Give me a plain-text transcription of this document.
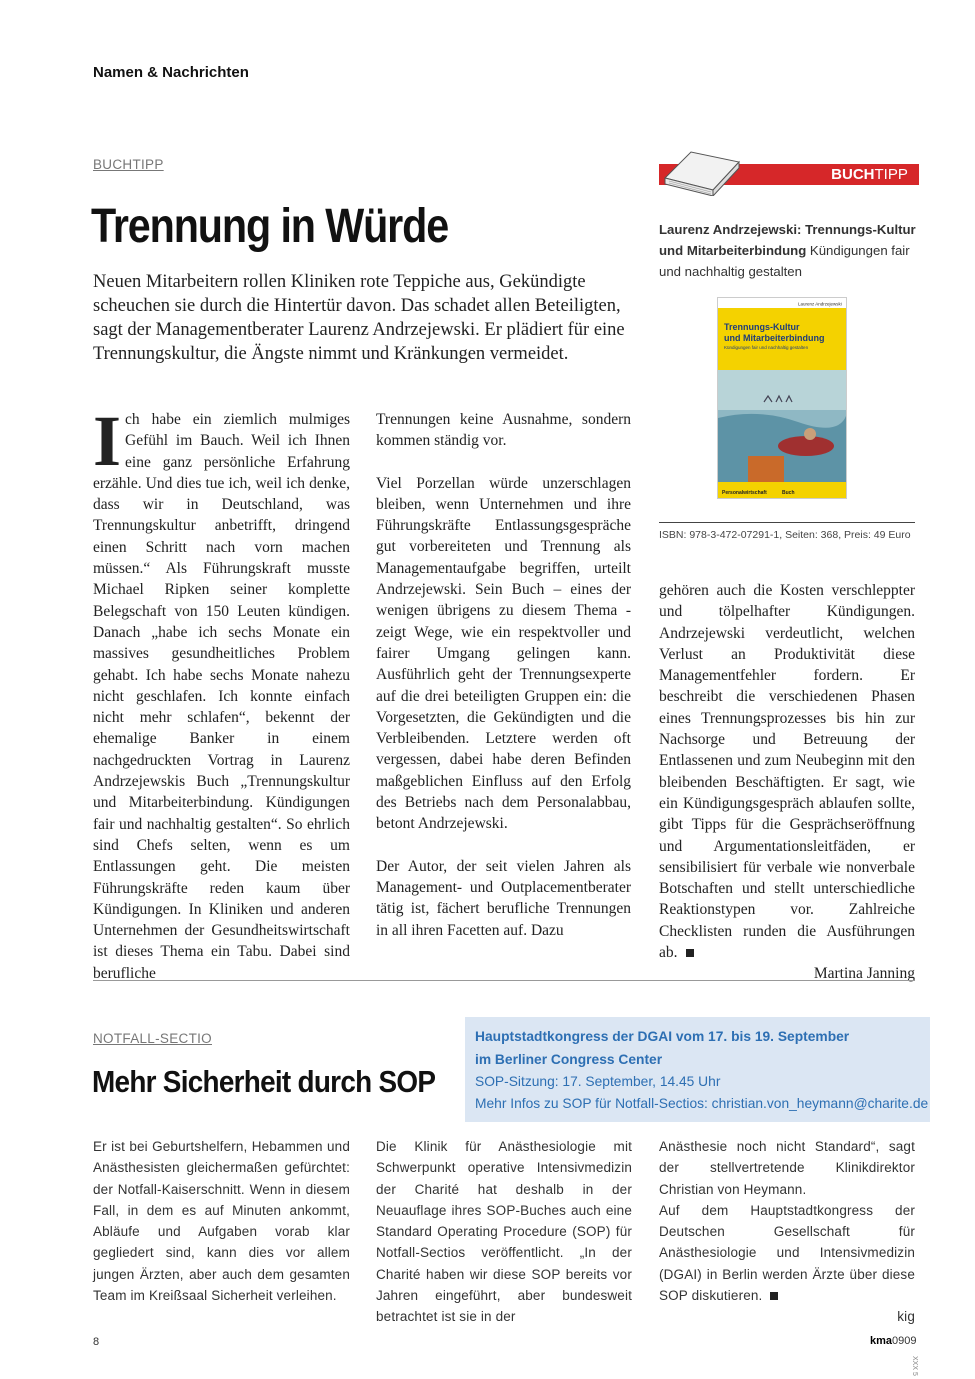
Namen & Nachrichten
BUCHTIPP
Trennung in Würde

Neuen Mitarbeitern rollen Kliniken rote Teppiche aus, Gekündigte scheuchen sie durch die Hintertür davon. Das schadet allen Beteiligten, sagt der Managementberater Laurenz Andrzejewski. Er plädiert für eine Trennungskultur, die Ängste nimmt und Kränkungen vermeidet.

Ich habe ein ziemlich mulmiges Gefühl im Bauch. Weil ich Ihnen eine ganz persönliche Erfahrung erzähle. Und dies tue ich, weil ich denke, dass wir in Deutschland, was Trennungskultur anbetrifft, dringend einen Schritt nach vorn machen müssen.“ Als Führungskraft musste Michael Ripken seiner komplette Belegschaft von 150 Leuten kündigen. Danach „habe ich sechs Monate ein massives gesundheitliches Problem gehabt. Ich habe sechs Monate nahezu nicht geschlafen. Ich konnte einfach nicht mehr schlafen“, bekennt der ehemalige Banker in einem nachgedruckten Vortrag in Laurenz Andrzejewskis Buch „Trennungskultur und Mitarbeiterbindung. Kündigungen fair und nachhaltig gestalten“. So ehrlich sind Chefs selten, wenn es um Entlassungen geht. Die meisten Führungskräfte reden kaum über Kündigungen. In Kliniken und anderen Unternehmen der Gesundheitswirtschaft ist dieses Thema ein Tabu. Dabei sind berufliche

Trennungen keine Ausnahme, sondern kommen ständig vor.

Viel Porzellan würde unzerschlagen bleiben, wenn Unternehmen und ihre Führungskräfte Entlassungsgespräche gut vorbereiteten und Trennung als Managementaufgabe begriffen, urteilt Andrzejewski. Sein Buch – eines der wenigen übrigens zu diesem Thema - zeigt Wege, wie ein respektvoller und fairer Umgang gelingen kann. Ausführlich geht der Trennungsexperte auf die drei beteiligten Gruppen ein: die Vorgesetzten, die Gekündigten und die Verbleibenden. Letztere werden oft vergessen, dabei habe deren Befinden maßgeblichen Einfluss auf den Erfolg des Betriebs nach dem Personalabbau, betont Andrzejewski.

Der Autor, der seit vielen Jahren als Management- und Outplacementberater tätig ist, fächert berufliche Trennungen in all ihren Facetten auf. Dazu

gehören auch die Kosten verschleppter und tölpelhafter Kündigungen. Andrzejewski verdeutlicht, welchen Verlust an Produktivität diese Managementfehler fordern. Er beschreibt die verschiedenen Phasen eines Trennungsprozesses bis hin zur Nachsorge und Betreuung der Entlassenen und zum Neubeginn mit den bleibenden Beschäftigten. Er sagt, wie ein Kündigungsgespräch ablaufen sollte, gibt Tipps für die Gesprächseröffnung und Argumentationsleitfäden, er sensibilisiert für verbale wie nonverbale Botschaften und stellt unterschiedliche Reaktionstypen vor. Zahlreiche Checklisten runden die Ausführungen ab.
Martina Janning
BUCHTIPP
Laurenz Andrzejewski: Trennungs-Kultur und Mitarbeiterbindung Kündigungen fair und nachhaltig gestalten
Laurenz Andrzejewski
Trennungs-Kultur
und Mitarbeiterbindung
Kündigungen fair und nachhaltig gestalten
Personalwirtschaft	Buch
ISBN: 978-3-472-07291-1, Seiten: 368, Preis: 49 Euro
NOTFALL-SECTIO
Mehr Sicherheit durch SOP
Hauptstadtkongress der DGAI vom 17. bis 19. September
im Berliner Congress Center
SOP-Sitzung: 17. September, 14.45 Uhr
Mehr Infos zu SOP für Notfall-Sectios: christian.von_heymann@charite.de

Er ist bei Geburtshelfern, Hebammen und Anästhesisten gleichermaßen gefürchtet: der Notfall-Kaiserschnitt. Wenn in diesem Fall, in dem es auf Minuten ankommt, Abläufe und Aufgaben vorab klar gegliedert sind, kann dies vor allem jungen Ärzten, aber auch dem gesamten Team im Kreißsaal Sicherheit verleihen.

Die Klinik für Anästhesiologie mit Schwerpunkt operative Intensivmedizin der Charité hat deshalb in der Neuauflage ihres SOP-Buches auch eine Standard Operating Procedure (SOP) für Notfall-Sectios veröffentlicht. „In der Charité haben wir diese SOP bereits vor Jahren eingeführt, aber bundesweit betrachtet ist sie in der

Anästhesie noch nicht Standard“, sagt der stellvertretende Klinikdirektor Christian von Heymann.

Auf dem Hauptstadtkongress der Deutschen Gesellschaft für Anästhesiologie und Intensivmedizin (DGAI) in Berlin werden Ärzte über diese SOP diskutieren.

kig

8	kma0909
XXX 5
